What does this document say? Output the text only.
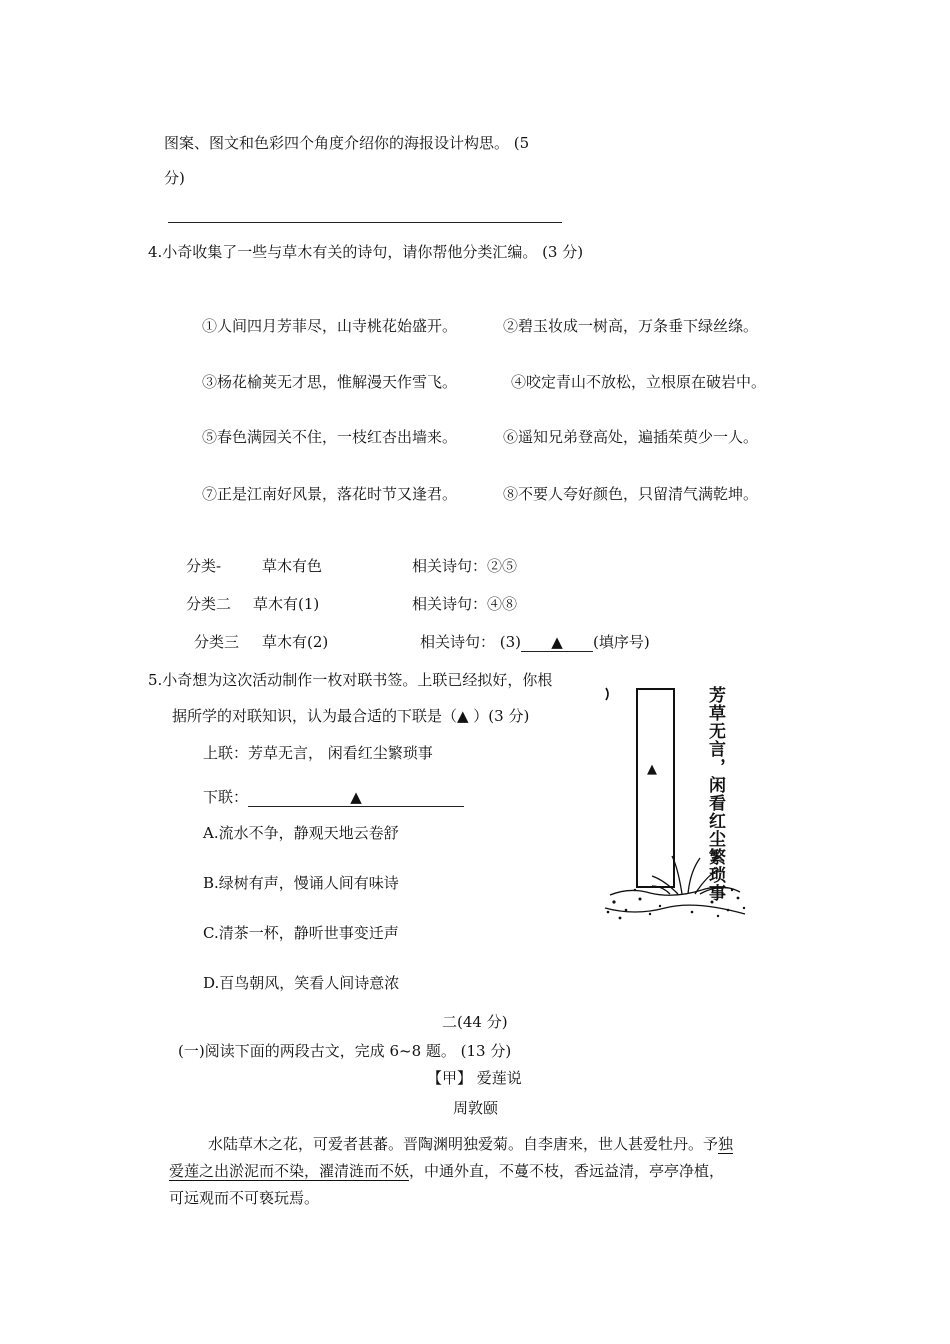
图案、图文和色彩四个角度介绍你的海报设计构思。 (5
分)
4.小奇收集了一些与草木有关的诗句，请你帮他分类汇编。 (3 分)
①人间四月芳菲尽，山寺桃花始盛开。	②碧玉妆成一树高，万条垂下绿丝绦。
③杨花榆荚无才思，惟解漫天作雪飞。	④咬定青山不放松，立根原在破岩中。
⑤春色满园关不住，一枝红杏出墙来。	⑥遥知兄弟登高处，遍插茱萸少一人。
⑦正是江南好风景，落花时节又逢君。	⑧不要人夸好颜色，只留清气满乾坤。
分类-	草木有色	相关诗句：②⑤
分类二 草木有(1)	相关诗句：④⑧
分类三 草木有(2)	相关诗句： (3) ▲ (填序号)
5.小奇想为这次活动制作一枚对联书签。上联已经拟好，你根
据所学的对联知识，认为最合适的下联是（▲ ）(3 分)
上联：芳草无言， 闲看红尘繁琐事
下联：	▲
A.流水不争，静观天地云卷舒
B.绿树有声，慢诵人间有味诗
C.清茶一杯，静听世事变迁声
D.百鸟朝风，笑看人间诗意浓
▲	芳草无言，闲看红尘繁琐事
二(44 分)
(一)阅读下面的两段古文，完成 6~8 题。 (13 分)
【甲】 爱莲说
周敦颐
水陆草木之花，可爱者甚蕃。晋陶渊明独爱菊。自李唐来，世人甚爱牡丹。予独
爱莲之出淤泥而不染，濯清涟而不妖，中通外直，不蔓不枝，香远益清，亭亭净植，
可远观而不可亵玩焉。
